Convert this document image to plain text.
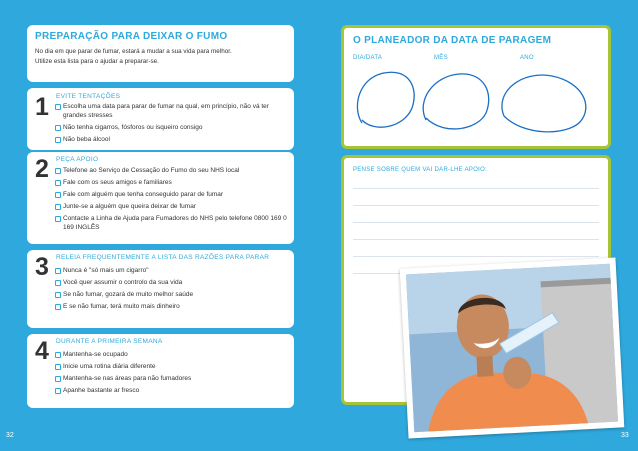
PREPARAÇÃO PARA DEIXAR O FUMO

No dia em que parar de fumar, estará a mudar a sua vida para melhor.

Utilize esta lista para o ajudar a preparar-se.

1 EVITE TENTAÇÕES
Escolha uma data para parar de fumar na qual, em princípio, não vá ter grandes stresses
Não tenha cigarros, fósforos ou isqueiro consigo
Não beba álcool
2 PEÇA APOIO
Telefone ao Serviço de Cessação do Fumo do seu NHS local
Fale com os seus amigos e familiares
Fale com alguém que tenha conseguido parar de fumar
Junte-se a alguém que queira deixar de fumar
Contacte a Linha de Ajuda para Fumadores do NHS pelo telefone 0800 169 0 169 INGLÊS
3 RELEIA FREQUENTEMENTE A LISTA DAS RAZÕES PARA PARAR
Nunca é "só mais um cigarro"
Você quer assumir o controlo da sua vida
Se não fumar, gozará de muito melhor saúde
E se não fumar, terá muito mais dinheiro
4 DURANTE A PRIMEIRA SEMANA
Mantenha-se ocupado
Inicie uma rotina diária diferente
Mantenha-se nas áreas para não fumadores
Apanhe bastante ar fresco
32
O PLANEADOR DA DATA DE PARAGEM
DIA/DATA	MÊS	ANO
PENSE SOBRE QUEM VAI DAR-LHE APOIO:
33
